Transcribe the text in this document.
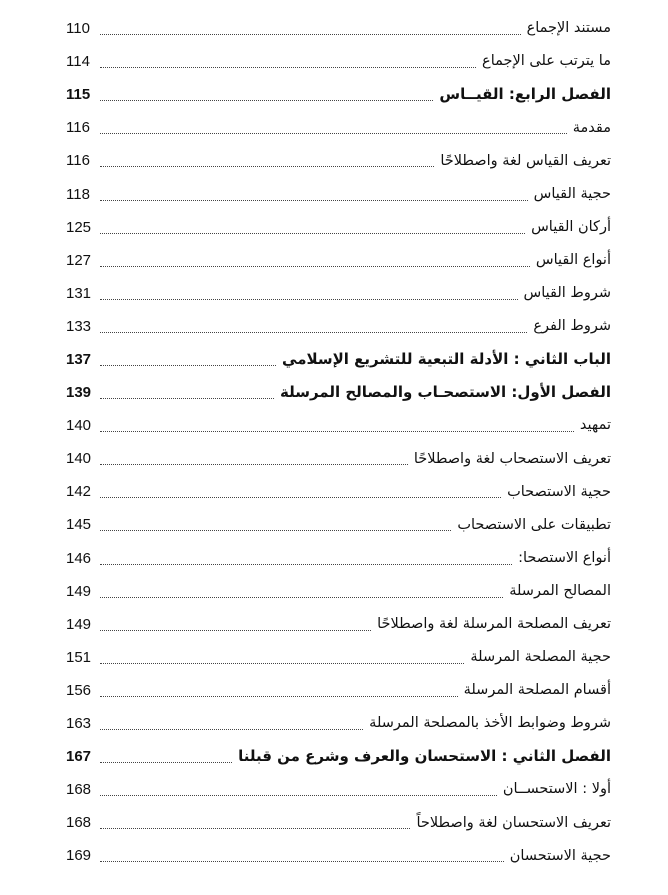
مستند الإجماع
110
ما يترتب على الإجماع
114
الفصل الرابع: القيــاس
115
مقدمة
116
تعريف القياس لغة واصطلاحًا
116
حجية القياس
118
أركان القياس
125
أنواع القياس
127
شروط القياس
131
شروط الفرع
133
الباب الثاني : الأدلة التبعية للتشريع الإسلامي
137
الفصل الأول: الاستصحـاب والمصالح المرسلة
139
تمهيد
140
تعريف الاستصحاب لغة واصطلاحًا
140
حجية الاستصحاب
142
تطبيقات على الاستصحاب
145
أنواع الاستصحا:
146
المصالح المرسلة
149
تعريف المصلحة المرسلة لغة واصطلاحًا
149
حجية المصلحة المرسلة
151
أقسام المصلحة المرسلة
156
شروط وضوابط الأخذ بالمصلحة المرسلة
163
الفصل الثاني : الاستحسان والعرف وشرع من قبلنا
167
أولا : الاستحســان
168
تعريف الاستحسان لغة واصطلاحاً
168
حجية الاستحسان
169
